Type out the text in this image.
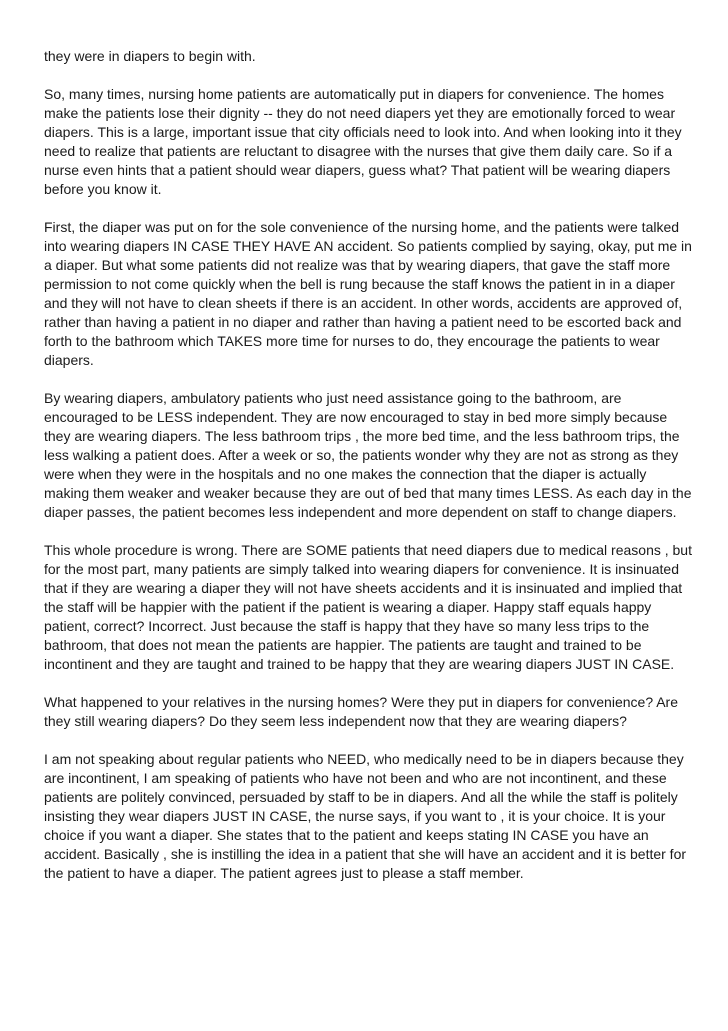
they were in diapers to begin with.

So, many times, nursing home patients are automatically put in diapers for convenience. The homes make the patients lose their dignity -- they do not need diapers yet they are emotionally forced to wear diapers. This is a large, important issue that city officials need to look into. And when looking into it they need to realize that patients are reluctant to disagree with the nurses that give them daily care. So if a nurse even hints that a patient should wear diapers, guess what? That patient will be wearing diapers before you know it.

First, the diaper was put on for the sole convenience of the nursing home, and the patients were talked into wearing diapers IN CASE THEY HAVE AN accident. So patients complied by saying, okay, put me in a diaper. But what some patients did not realize was that by wearing diapers, that gave the staff more permission to not come quickly when the bell is rung because the staff knows the patient in in a diaper and they will not have to clean sheets if there is an accident. In other words, accidents are approved of, rather than having a patient in no diaper and rather than having a patient need to be escorted back and forth to the bathroom which TAKES more time for nurses to do, they encourage the patients to wear diapers.

By wearing diapers, ambulatory patients who just need assistance going to the bathroom, are encouraged to be LESS independent. They are now encouraged to stay in bed more simply because they are wearing diapers. The less bathroom trips , the more bed time, and the less bathroom trips, the less walking a patient does. After a week or so, the patients wonder why they are not as strong as they were when they were in the hospitals and no one makes the connection that the diaper is actually making them weaker and weaker because they are out of bed that many times LESS. As each day in the diaper passes, the patient becomes less independent and more dependent on staff to change diapers.

This whole procedure is wrong. There are SOME patients that need diapers due to medical reasons , but for the most part, many patients are simply talked into wearing diapers for convenience. It is insinuated that if they are wearing a diaper they will not have sheets accidents and it is insinuated and implied that the staff will be happier with the patient if the patient is wearing a diaper. Happy staff equals happy patient, correct? Incorrect. Just because the staff is happy that they have so many less trips to the bathroom, that does not mean the patients are happier. The patients are taught and trained to be incontinent and they are taught and trained to be happy that they are wearing diapers JUST IN CASE.

What happened to your relatives in the nursing homes? Were they put in diapers for convenience? Are they still wearing diapers? Do they seem less independent now that they are wearing diapers?

I am not speaking about regular patients who NEED, who medically need to be in diapers because they are incontinent, I am speaking of patients who have not been and who are not incontinent, and these patients are politely convinced, persuaded by staff to be in diapers. And all the while the staff is politely insisting they wear diapers JUST IN CASE, the nurse says, if you want to , it is your choice. It is your choice if you want a diaper. She states that to the patient and keeps stating IN CASE you have an accident. Basically , she is instilling the idea in a patient that she will have an accident and it is better for the patient to have a diaper. The patient agrees just to please a staff member.
